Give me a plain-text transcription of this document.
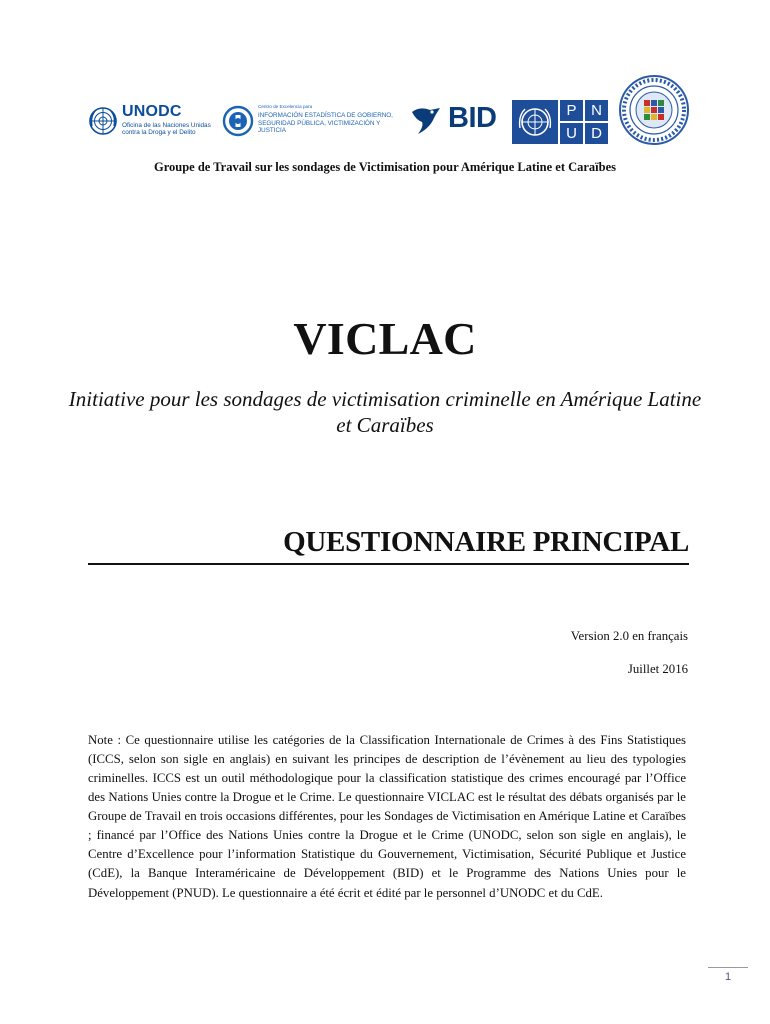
UNODC
Oficina de las Naciones Unidas contra la Droga y el Delito
Centro de Excelencia para
INFORMACIÓN ESTADÍSTICA DE GOBIERNO, SEGURIDAD PÚBLICA, VICTIMIZACIÓN Y JUSTICIA	BID	P N
U D
Groupe de Travail sur les sondages de Victimisation pour Amérique Latine et Caraïbes
VICLAC
Initiative pour les sondages de victimisation criminelle en Amérique Latine et Caraïbes
QUESTIONNAIRE PRINCIPAL
Version 2.0 en français
Juillet 2016

Note : Ce questionnaire utilise les catégories de la Classification Internationale de Crimes à des Fins Statistiques (ICCS, selon son sigle en anglais) en suivant les principes de description de l’évènement au lieu des typologies criminelles. ICCS est un outil méthodologique pour la classification statistique des crimes encouragé par l’Office des Nations Unies contre la Drogue et le Crime. Le questionnaire VICLAC est le résultat des débats organisés par le Groupe de Travail en trois occasions différentes, pour les Sondages de Victimisation en Amérique Latine et Caraïbes ; financé par l’Office des Nations Unies contre la Drogue et le Crime (UNODC, selon son sigle en anglais), le Centre d’Excellence pour l’information Statistique du Gouvernement, Victimisation, Sécurité Publique et Justice (CdE), la Banque Interaméricaine de Développement (BID) et le Programme des Nations Unies pour le Développement (PNUD). Le questionnaire a été écrit et édité par le personnel d’UNODC et du CdE.

1
